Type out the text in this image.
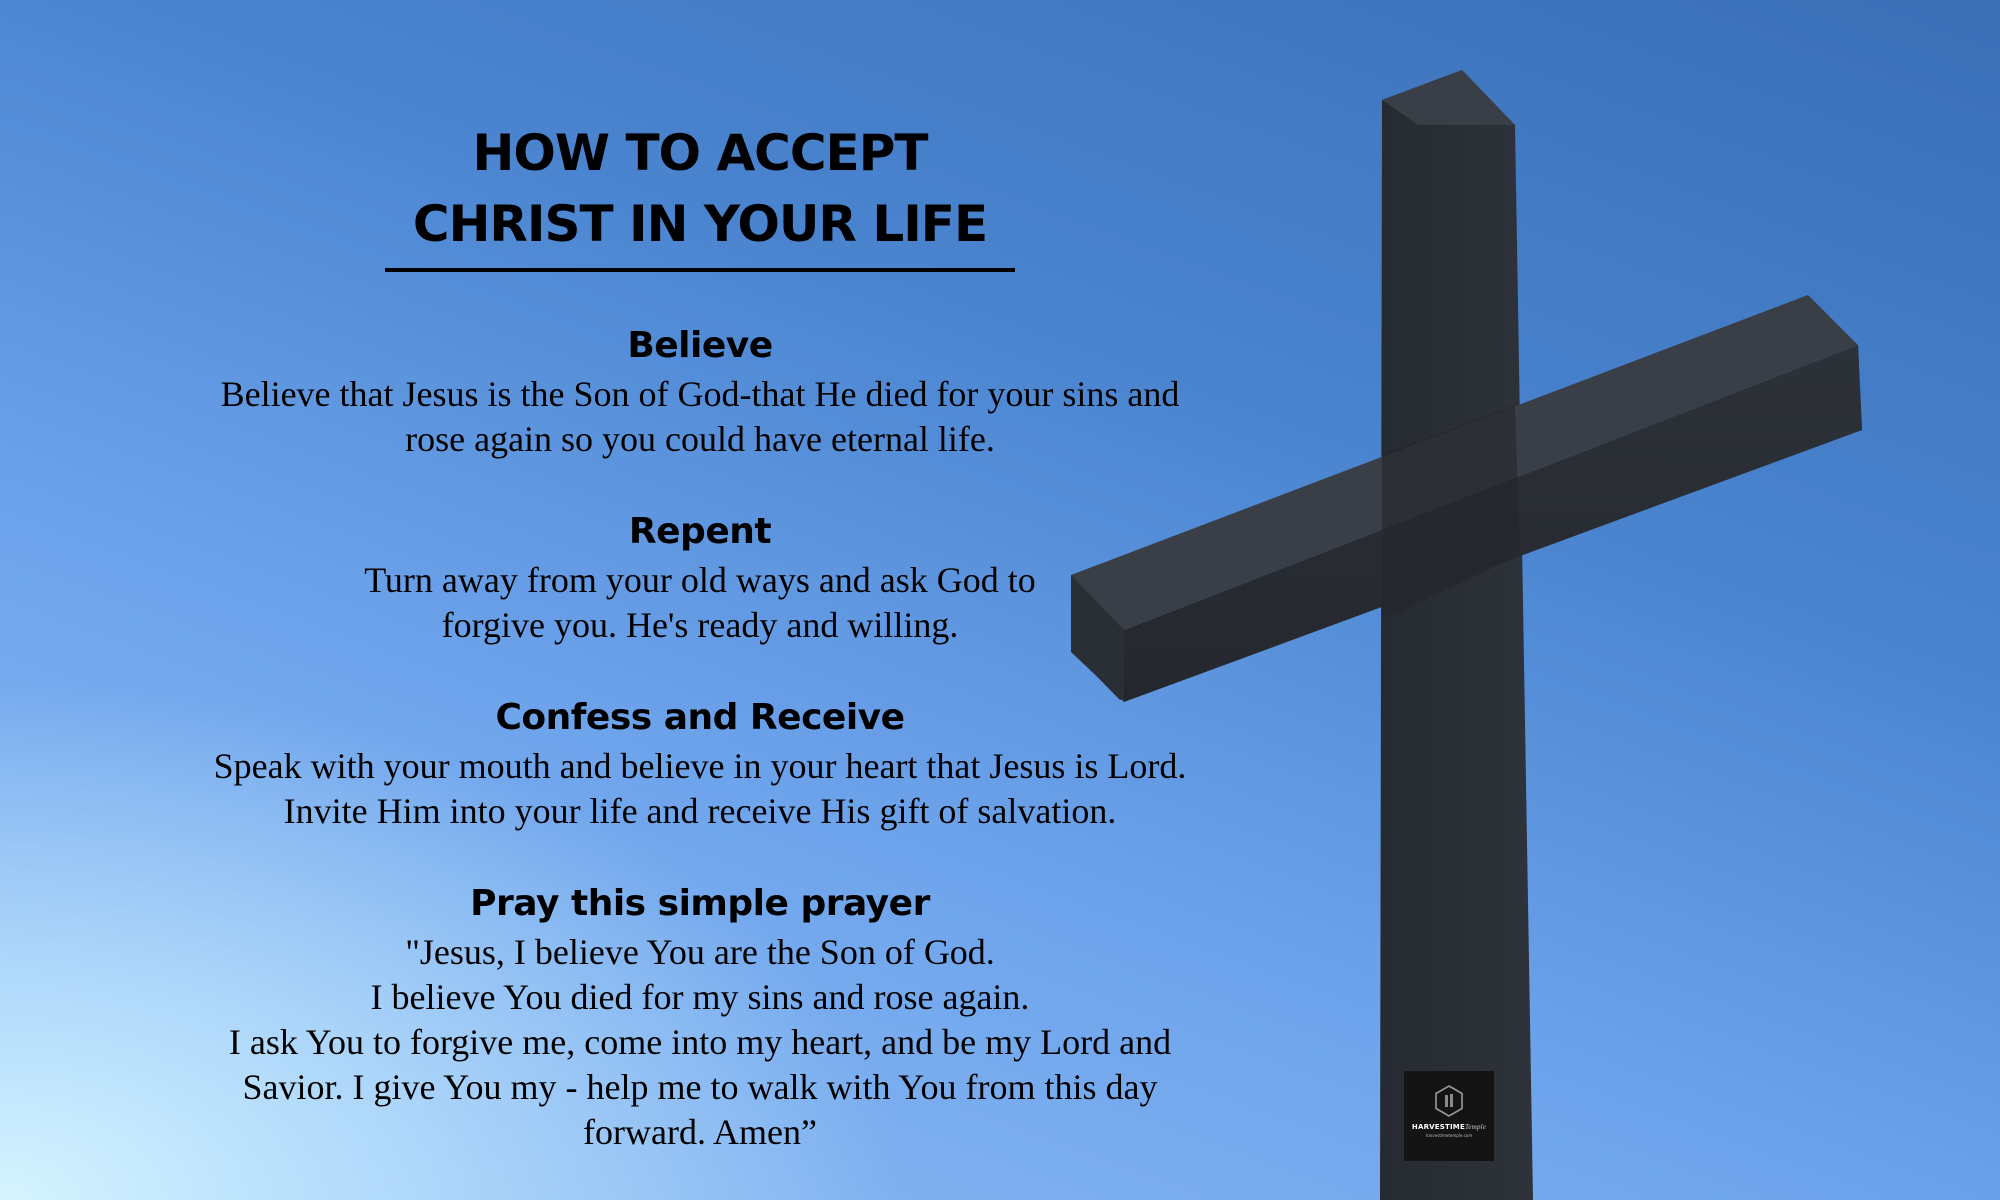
HOW TO ACCEPT
CHRIST IN YOUR LIFE
Believe
Believe that Jesus is the Son of God-that He died for your sins and
rose again so you could have eternal life.
Repent
Turn away from your old ways and ask God to
forgive you. He's ready and willing.
Confess and Receive
Speak with your mouth and believe in your heart that Jesus is Lord.
Invite Him into your life and receive His gift of salvation.
Pray this simple prayer
"Jesus, I believe You are the Son of God.
I believe You died for my sins and rose again.
I ask You to forgive me, come into my heart, and be my Lord and
Savior. I give You my - help me to walk with You from this day
forward. Amen”	HARVESTIMETemple
harvestimetemple.com
